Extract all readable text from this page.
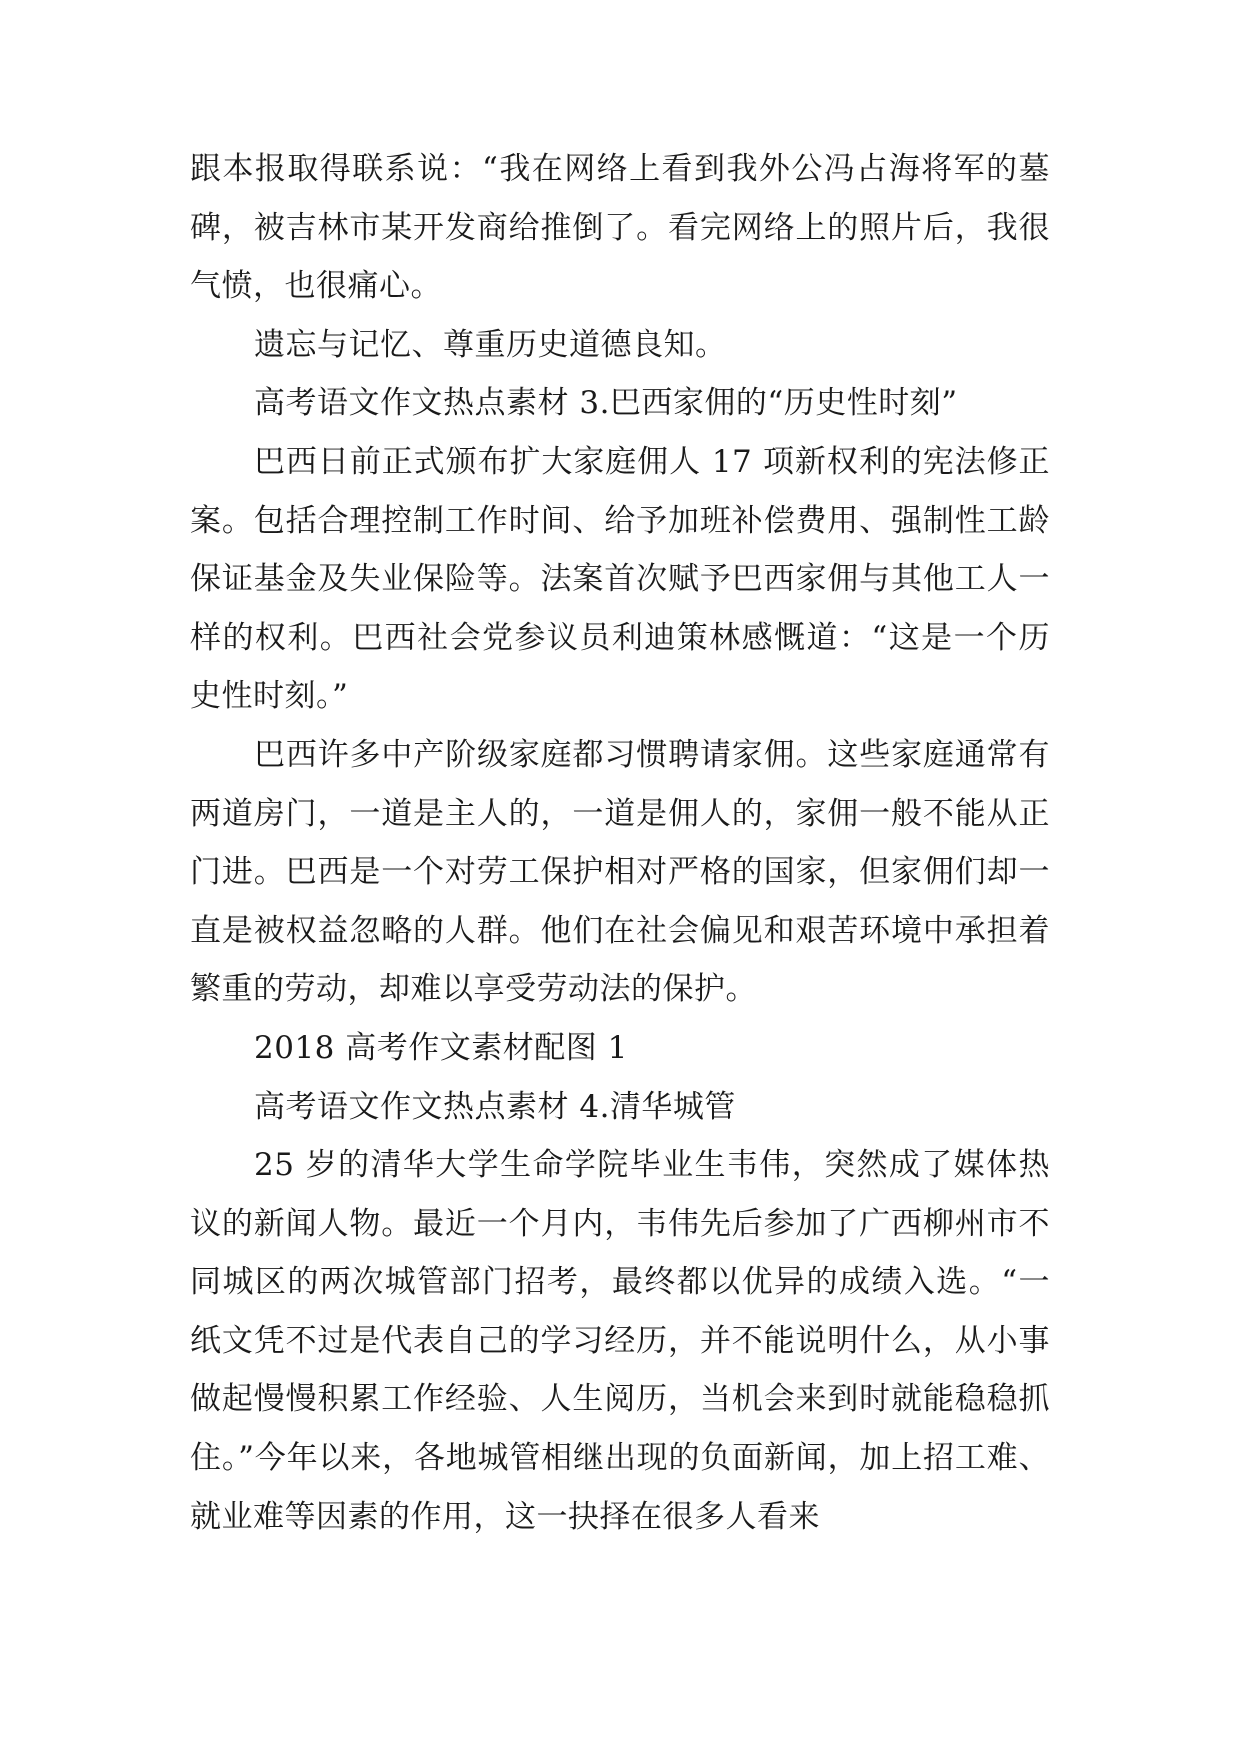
跟本报取得联系说：“我在网络上看到我外公冯占海将军的墓碑，被吉林市某开发商给推倒了。看完网络上的照片后，我很气愤，也很痛心。

遗忘与记忆、尊重历史道德良知。

高考语文作文热点素材 3.巴西家佣的“历史性时刻”

巴西日前正式颁布扩大家庭佣人 17 项新权利的宪法修正案。包括合理控制工作时间、给予加班补偿费用、强制性工龄保证基金及失业保险等。法案首次赋予巴西家佣与其他工人一样的权利。巴西社会党参议员利迪策林感慨道：“这是一个历史性时刻。”

巴西许多中产阶级家庭都习惯聘请家佣。这些家庭通常有两道房门，一道是主人的，一道是佣人的，家佣一般不能从正门进。巴西是一个对劳工保护相对严格的国家，但家佣们却一直是被权益忽略的人群。他们在社会偏见和艰苦环境中承担着繁重的劳动，却难以享受劳动法的保护。

2018 高考作文素材配图 1

高考语文作文热点素材 4.清华城管

25 岁的清华大学生命学院毕业生韦伟，突然成了媒体热议的新闻人物。最近一个月内，韦伟先后参加了广西柳州市不同城区的两次城管部门招考，最终都以优异的成绩入选。“一纸文凭不过是代表自己的学习经历，并不能说明什么，从小事做起慢慢积累工作经验、人生阅历，当机会来到时就能稳稳抓住。”今年以来，各地城管相继出现的负面新闻，加上招工难、就业难等因素的作用，这一抉择在很多人看来
